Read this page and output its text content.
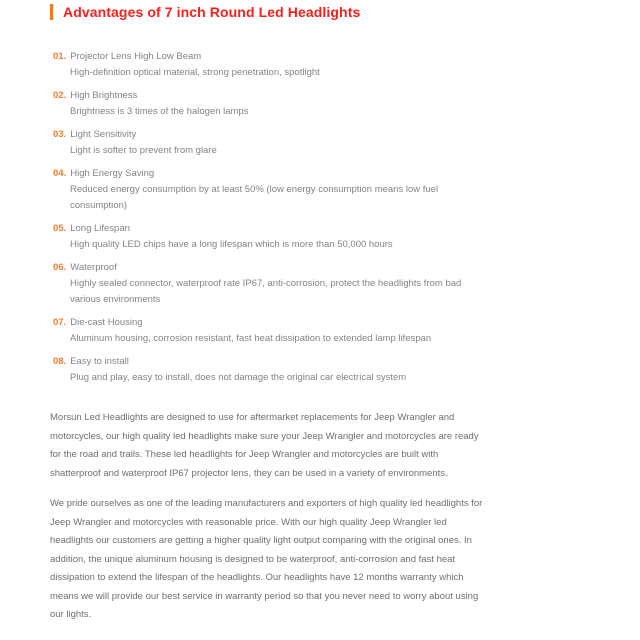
Advantages of 7 inch Round Led Headlights
01. Projector Lens High Low Beam
High-definition optical material, strong penetration, spotlight
02. High Brightness
Brightness is 3 times of the halogen lamps
03. Light Sensitivity
Light is softer to prevent from glare
04. High Energy Saving
Reduced energy consumption by at least 50% (low energy consumption means low fuel consumption)
05. Long Lifespan
High quality LED chips have a long lifespan which is more than 50,000 hours
06. Waterproof
Highly sealed connector, waterproof rate IP67, anti-corrosion, protect the headlights from bad various environments
07. Die-cast Housing
Aluminum housing, corrosion resistant, fast heat dissipation to extended lamp lifespan
08. Easy to install
Plug and play, easy to install, does not damage the original car electrical system

Morsun Led Headlights are designed to use for aftermarket replacements for Jeep Wrangler and motorcycles, our high quality led headlights make sure your Jeep Wrangler and motorcycles are ready for the road and trails. These led headlights for Jeep Wrangler and motorcycles are built with shatterproof and waterproof IP67 projector lens, they can be used in a variety of environments.

We pride ourselves as one of the leading manufacturers and exporters of high quality led headlights for Jeep Wrangler and motorcycles with reasonable price. With our high quality Jeep Wrangler led headlights our customers are getting a higher quality light output comparing with the original ones. In addition, the unique aluminum housing is designed to be waterproof, anti-corrosion and fast heat dissipation to extend the lifespan of the headlights. Our headlights have 12 months warranty which means we will provide our best service in warranty period so that you never need to worry about using our lights.
